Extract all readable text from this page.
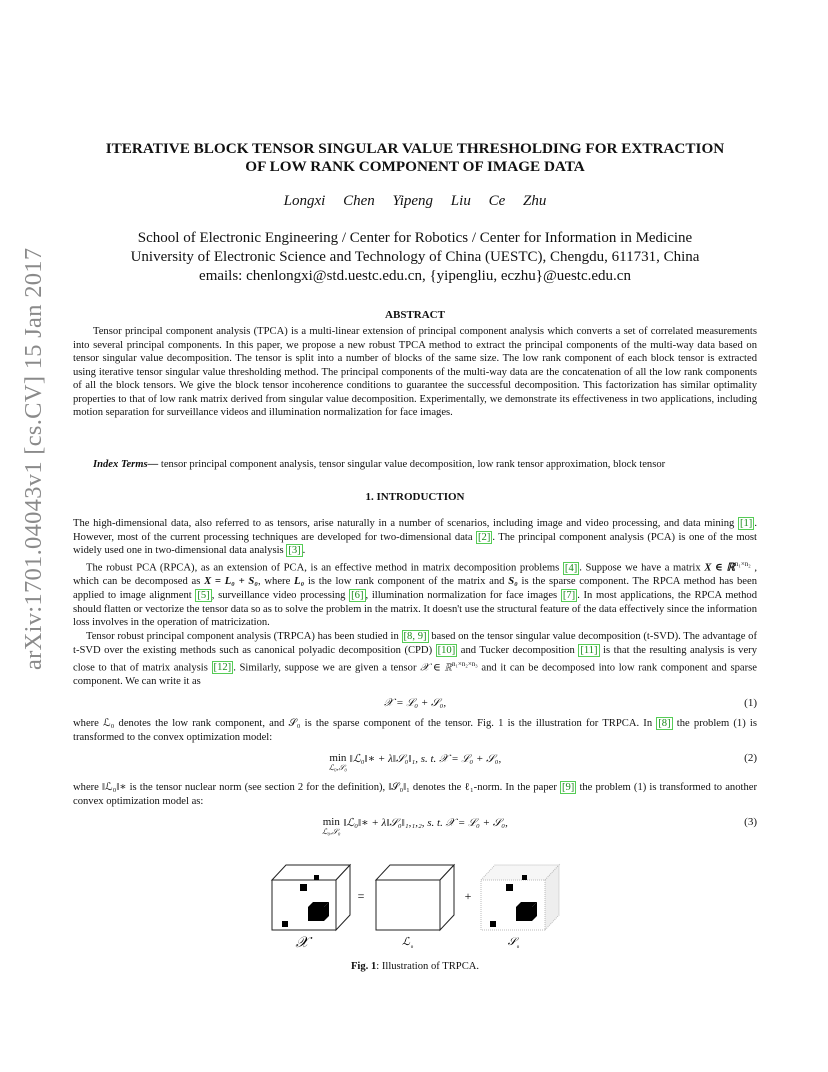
arXiv:1701.04043v1 [cs.CV] 15 Jan 2017
ITERATIVE BLOCK TENSOR SINGULAR VALUE THRESHOLDING FOR EXTRACTION
OF LOW RANK COMPONENT OF IMAGE DATA
Longxi Chen Yipeng Liu Ce Zhu
School of Electronic Engineering / Center for Robotics / Center for Information in Medicine
University of Electronic Science and Technology of China (UESTC), Chengdu, 611731, China
emails: chenlongxi@std.uestc.edu.cn, {yipengliu, eczhu}@uestc.edu.cn
ABSTRACT

Tensor principal component analysis (TPCA) is a multi-linear extension of principal component analysis which converts a set of correlated measurements into several principal components. In this paper, we propose a new robust TPCA method to extract the principal components of the multi-way data based on tensor singular value decomposition. The tensor is split into a number of blocks of the same size. The low rank component of each block tensor is extracted using iterative tensor singular value thresholding method. The principal components of the multi-way data are the concatenation of all the low rank components of all the block tensors. We give the block tensor incoherence conditions to guarantee the successful decomposition. This factorization has similar optimality properties to that of low rank matrix derived from singular value decomposition. Experimentally, we demonstrate its effectiveness in two applications, including motion separation for surveillance videos and illumination normalization for face images.

Index Terms— tensor principal component analysis, tensor singular value decomposition, low rank tensor approximation, block tensor
1. INTRODUCTION

The high-dimensional data, also referred to as tensors, arise naturally in a number of scenarios, including image and video processing, and data mining [1] . However, most of the current processing techniques are developed for two-dimensional data [2] . The principal component analysis (PCA) is one of the most widely used one in two-dimensional data analysis [3] .

The robust PCA (RPCA), as an extension of PCA, is an effective method in matrix decomposition problems [4] . Suppose we have a matrix X ∈ ℝ$^{n_1\times n_2}$ , which can be decomposed as X = L₀ + S₀, where L₀ is the low rank component of the matrix and S₀ is the sparse component. The RPCA method has been applied to image alignment [5] , surveillance video processing [6] , illumination normalization for face images [7] . In most applications, the RPCA method should flatten or vectorize the tensor data so as to solve the problem in the matrix. It doesn't use the structural feature of the data effectively since the information loss involves in the operation of matricization.

Tensor robust principal component analysis (TRPCA) has been studied in [8, 9] based on the tensor singular value decomposition (t-SVD). The advantage of t-SVD over the existing methods such as canonical polyadic decomposition (CPD) [10] and Tucker decomposition [11] is that the resulting analysis is very close to that of matrix analysis [12] . Similarly, suppose we are given a tensor 𝒳 ∈ ℝ$^{n_1\times n_2\times n_3}$ and it can be decomposed into low rank component and sparse component. We can write it as

𝒳 = ℒ₀ + 𝒮₀,	(1)
where ℒ₀ denotes the low rank component, and 𝒮₀ is the sparse component of the tensor. Fig. 1 is the illustration for TRPCA. In [8] the problem (1) is transformed to the convex optimization model:
min
ℒ₀,𝒮₀
‖ℒ₀‖∗ + λ‖𝒮₀‖₁, s. t. 𝒳 = ℒ₀ + 𝒮₀,	(2)
where ‖ℒ₀‖∗ is the tensor nuclear norm (see section 2 for the definition), ‖𝒮₀‖₁ denotes the ℓ₁-norm. In the paper [9] the problem (1) is transformed to another convex optimization model as:
min
ℒ₀,𝒮₀
‖ℒ₀‖∗ + λ‖𝒮₀‖₁,₁,₂, s. t. 𝒳 = ℒ₀ + 𝒮₀,	(3)
=	+
𝒳	ℒ o	𝒮 o
Fig. 1: Illustration of TRPCA.
